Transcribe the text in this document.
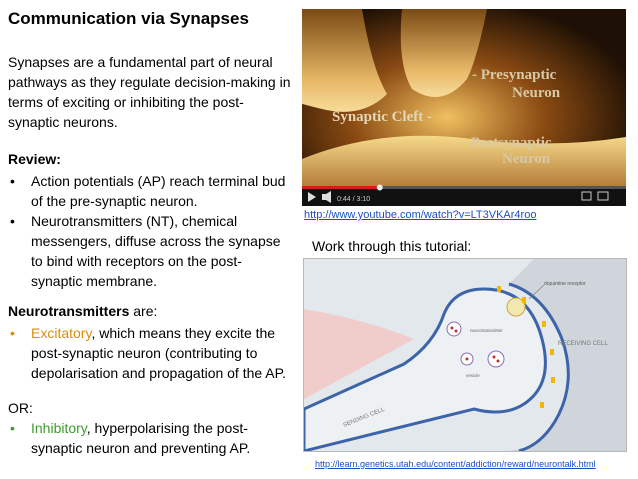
Communication via Synapses
Synapses are a fundamental part of neural pathways as they regulate decision-making in terms of exciting or inhibiting the post-synaptic neurons.
Review:
• Action potentials (AP) reach terminal bud of the pre-synaptic neuron.
• Neurotransmitters (NT), chemical messengers, diffuse across the synapse to bind with receptors on the post-synaptic membrane.
Neurotransmitters are:
• Excitatory, which means they excite the post-synaptic neuron (contributing to depolarisation and propagation of the AP.
OR:
• Inhibitory, hyperpolarising the post-synaptic neuron and preventing AP.
- Presynaptic
Neuron
Synaptic Cleft -
- Postsynaptic
Neuron
0:44 / 3:10
http://www.youtube.com/watch?v=LT3VKAr4roo
Work through this tutorial:
dopamine receptor
neurotransmitter
RECEIVING CELL
vesicle
SENDING CELL
http://learn.genetics.utah.edu/content/addiction/reward/neurontalk.html
